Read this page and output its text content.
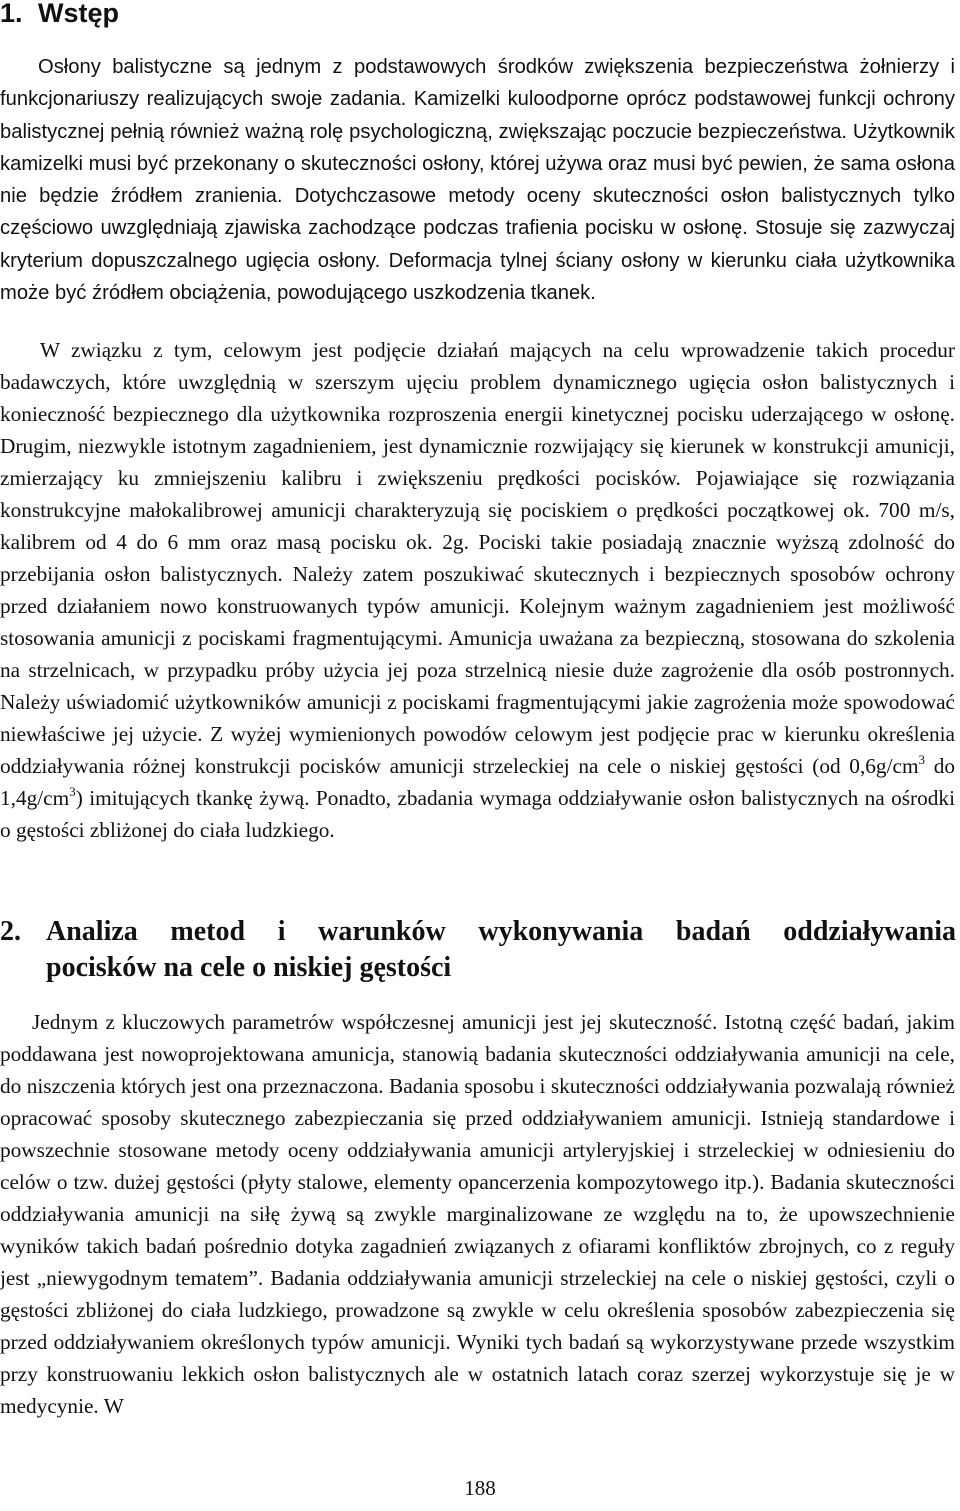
1. Wstęp

Osłony balistyczne są jednym z podstawowych środków zwiększenia bezpieczeństwa żołnierzy i funkcjonariuszy realizujących swoje zadania. Kamizelki kuloodporne oprócz podstawowej funkcji ochrony balistycznej pełnią również ważną rolę psychologiczną, zwiększając poczucie bezpieczeństwa. Użytkownik kamizelki musi być przekonany o skuteczności osłony, której używa oraz musi być pewien, że sama osłona nie będzie źródłem zranienia. Dotychczasowe metody oceny skuteczności osłon balistycznych tylko częściowo uwzględniają zjawiska zachodzące podczas trafienia pocisku w osłonę. Stosuje się zazwyczaj kryterium dopuszczalnego ugięcia osłony. Deformacja tylnej ściany osłony w kierunku ciała użytkownika może być źródłem obciążenia, powodującego uszkodzenia tkanek.

W związku z tym, celowym jest podjęcie działań mających na celu wprowadzenie takich procedur badawczych, które uwzględnią w szerszym ujęciu problem dynamicznego ugięcia osłon balistycznych i konieczność bezpiecznego dla użytkownika rozproszenia energii kinetycznej pocisku uderzającego w osłonę. Drugim, niezwykle istotnym zagadnieniem, jest dynamicznie rozwijający się kierunek w konstrukcji amunicji, zmierzający ku zmniejszeniu kalibru i zwiększeniu prędkości pocisków. Pojawiające się rozwiązania konstrukcyjne małokalibrowej amunicji charakteryzują się pociskiem o prędkości początkowej ok. 700 m/s, kalibrem od 4 do 6 mm oraz masą pocisku ok. 2g. Pociski takie posiadają znacznie wyższą zdolność do przebijania osłon balistycznych. Należy zatem poszukiwać skutecznych i bezpiecznych sposobów ochrony przed działaniem nowo konstruowanych typów amunicji. Kolejnym ważnym zagadnieniem jest możliwość stosowania amunicji z pociskami fragmentującymi. Amunicja uważana za bezpieczną, stosowana do szkolenia na strzelnicach, w przypadku próby użycia jej poza strzelnicą niesie duże zagrożenie dla osób postronnych. Należy uświadomić użytkowników amunicji z pociskami fragmentującymi jakie zagrożenia może spowodować niewłaściwe jej użycie. Z wyżej wymienionych powodów celowym jest podjęcie prac w kierunku określenia oddziaływania różnej konstrukcji pocisków amunicji strzeleckiej na cele o niskiej gęstości (od $0,6g/cm^3$ do $1,4g/cm^3$) imitujących tkankę żywą. Ponadto, zbadania wymaga oddziaływanie osłon balistycznych na ośrodki o gęstości zbliżonej do ciała ludzkiego.

2. Analiza metod i warunków wykonywania badań oddziaływania
pocisków na cele o niskiej gęstości

Jednym z kluczowych parametrów współczesnej amunicji jest jej skuteczność. Istotną część badań, jakim poddawana jest nowoprojektowana amunicja, stanowią badania skuteczności oddziaływania amunicji na cele, do niszczenia których jest ona przeznaczona. Badania sposobu i skuteczności oddziaływania pozwalają również opracować sposoby skutecznego zabezpieczania się przed oddziaływaniem amunicji. Istnieją standardowe i powszechnie stosowane metody oceny oddziaływania amunicji artyleryjskiej i strzeleckiej w odniesieniu do celów o tzw. dużej gęstości (płyty stalowe, elementy opancerzenia kompozytowego itp.). Badania skuteczności oddziaływania amunicji na siłę żywą są zwykle marginalizowane ze względu na to, że upowszechnienie wyników takich badań pośrednio dotyka zagadnień związanych z ofiarami konfliktów zbrojnych, co z reguły jest „niewygodnym tematem”. Badania oddziaływania amunicji strzeleckiej na cele o niskiej gęstości, czyli o gęstości zbliżonej do ciała ludzkiego, prowadzone są zwykle w celu określenia sposobów zabezpieczenia się przed oddziaływaniem określonych typów amunicji. Wyniki tych badań są wykorzystywane przede wszystkim przy konstruowaniu lekkich osłon balistycznych ale w ostatnich latach coraz szerzej wykorzystuje się je w medycynie. W

188
